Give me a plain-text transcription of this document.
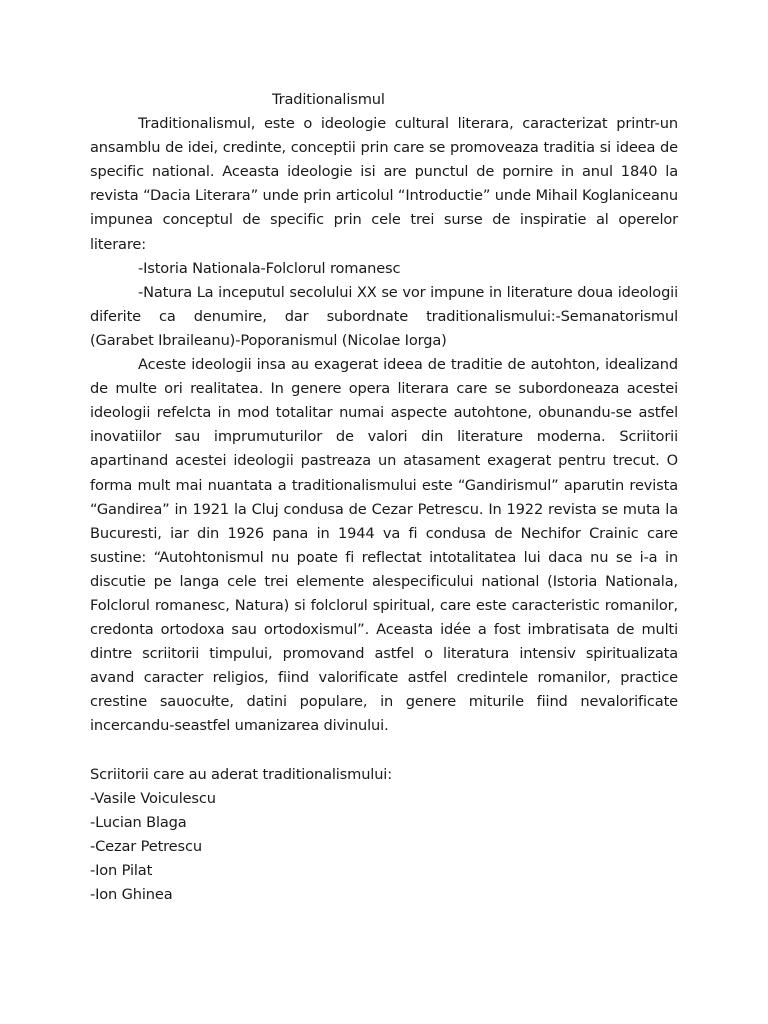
Traditionalismul

Traditionalismul, este o ideologie cultural literara, caracterizat printr-un ansamblu de idei, credinte, conceptii prin care se promoveaza traditia si ideea de specific national. Aceasta ideologie isi are punctul de pornire in anul 1840 la revista “Dacia Literara” unde prin articolul “Introductie” unde Mihail Koglaniceanu impunea conceptul de specific prin cele trei surse de inspiratie al operelor literare:

-Istoria Nationala-Folclorul romanesc

-Natura La inceputul secolului XX se vor impune in literature doua ideologii diferite ca denumire, dar subordnate traditionalismului:-Semanatorismul (Garabet Ibraileanu)-Poporanismul (Nicolae Iorga)

Aceste ideologii insa au exagerat ideea de traditie de autohton, idealizand de multe ori realitatea. In genere opera literara care se subordoneaza acestei ideologii refelcta in mod totalitar numai aspecte autohtone, obunandu-se astfel inovatiilor sau imprumuturilor de valori din literature moderna. Scriitorii apartinand acestei ideologii pastreaza un atasament exagerat pentru trecut. O forma mult mai nuantata a traditionalismului este “Gandirismul” aparutin revista “Gandirea” in 1921 la Cluj condusa de Cezar Petrescu. In 1922 revista se muta la Bucuresti, iar din 1926 pana in 1944 va fi condusa de Nechifor Crainic care sustine: “Autohtonismul nu poate fi reflectat intotalitatea lui daca nu se i-a in discutie pe langa cele trei elemente alespecificului national (Istoria Nationala, Folclorul romanesc, Natura) si folclorul spiritual, care este caracteristic romanilor, credonta ortodoxa sau ortodoxismul”. Aceasta idée a fost imbratisata de multi dintre scriitorii timpului, promovand astfel o literatura intensiv spiritualizata avand caracter religios, fiind valorificate astfel credintele romanilor, practice crestine sauocułte, datini populare, in genere miturile fiind nevalorificate incercandu-seastfel umanizarea divinului.

Scriitorii care au aderat traditionalismului:

-Vasile Voiculescu
-Lucian Blaga
-Cezar Petrescu
-Ion Pilat
-Ion Ghinea
